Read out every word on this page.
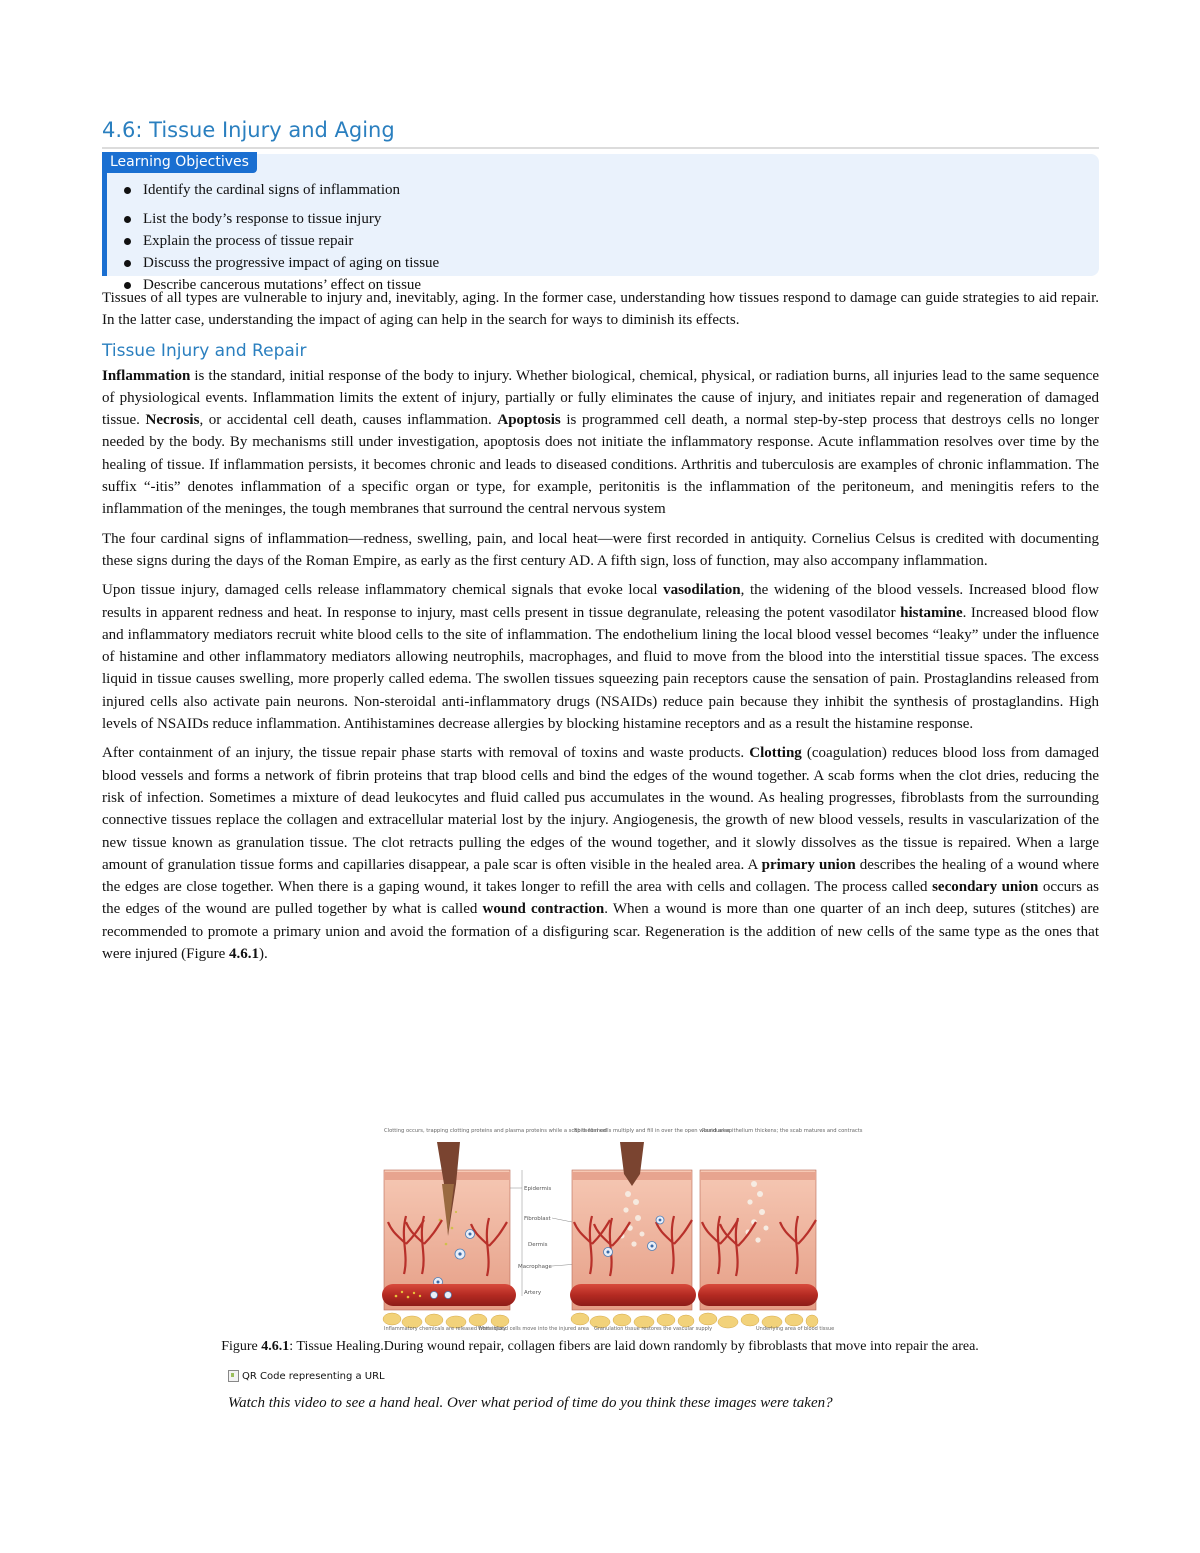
4.6: Tissue Injury and Aging
Learning Objectives
Identify the cardinal signs of inflammation
List the body’s response to tissue injury
Explain the process of tissue repair
Discuss the progressive impact of aging on tissue
Describe cancerous mutations’ effect on tissue

Tissues of all types are vulnerable to injury and, inevitably, aging. In the former case, understanding how tissues respond to damage can guide strategies to aid repair. In the latter case, understanding the impact of aging can help in the search for ways to diminish its effects.

Tissue Injury and Repair

Inflammation is the standard, initial response of the body to injury. Whether biological, chemical, physical, or radiation burns, all injuries lead to the same sequence of physiological events. Inflammation limits the extent of injury, partially or fully eliminates the cause of injury, and initiates repair and regeneration of damaged tissue. Necrosis, or accidental cell death, causes inflammation. Apoptosis is programmed cell death, a normal step-by-step process that destroys cells no longer needed by the body. By mechanisms still under investigation, apoptosis does not initiate the inflammatory response. Acute inflammation resolves over time by the healing of tissue. If inflammation persists, it becomes chronic and leads to diseased conditions. Arthritis and tuberculosis are examples of chronic inflammation. The suffix “-itis” denotes inflammation of a specific organ or type, for example, peritonitis is the inflammation of the peritoneum, and meningitis refers to the inflammation of the meninges, the tough membranes that surround the central nervous system

The four cardinal signs of inflammation—redness, swelling, pain, and local heat—were first recorded in antiquity. Cornelius Celsus is credited with documenting these signs during the days of the Roman Empire, as early as the first century AD. A fifth sign, loss of function, may also accompany inflammation.

Upon tissue injury, damaged cells release inflammatory chemical signals that evoke local vasodilation, the widening of the blood vessels. Increased blood flow results in apparent redness and heat. In response to injury, mast cells present in tissue degranulate, releasing the potent vasodilator histamine. Increased blood flow and inflammatory mediators recruit white blood cells to the site of inflammation. The endothelium lining the local blood vessel becomes “leaky” under the influence of histamine and other inflammatory mediators allowing neutrophils, macrophages, and fluid to move from the blood into the interstitial tissue spaces. The excess liquid in tissue causes swelling, more properly called edema. The swollen tissues squeezing pain receptors cause the sensation of pain. Prostaglandins released from injured cells also activate pain neurons. Non-steroidal anti-inflammatory drugs (NSAIDs) reduce pain because they inhibit the synthesis of prostaglandins. High levels of NSAIDs reduce inflammation. Antihistamines decrease allergies by blocking histamine receptors and as a result the histamine response.

After containment of an injury, the tissue repair phase starts with removal of toxins and waste products. Clotting (coagulation) reduces blood loss from damaged blood vessels and forms a network of fibrin proteins that trap blood cells and bind the edges of the wound together. A scab forms when the clot dries, reducing the risk of infection. Sometimes a mixture of dead leukocytes and fluid called pus accumulates in the wound. As healing progresses, fibroblasts from the surrounding connective tissues replace the collagen and extracellular material lost by the injury. Angiogenesis, the growth of new blood vessels, results in vascularization of the new tissue known as granulation tissue. The clot retracts pulling the edges of the wound together, and it slowly dissolves as the tissue is repaired. When a large amount of granulation tissue forms and capillaries disappear, a pale scar is often visible in the healed area. A primary union describes the healing of a wound where the edges are close together. When there is a gaping wound, it takes longer to refill the area with cells and collagen. The process called secondary union occurs as the edges of the wound are pulled together by what is called wound contraction. When a wound is more than one quarter of an inch deep, sutures (stitches) are recommended to promote a primary union and avoid the formation of a disfiguring scar. Regeneration is the addition of new cells of the same type as the ones that were injured (Figure 4.6.1).

Clotting occurs, trapping clotting proteins and plasma proteins while a scab is formed
Epithelial cells multiply and fill in over the open wound area
Residual epithelium thickens; the scab matures and contracts
Epidermis
Fibroblast
Dermis
Macrophage
Artery
Inflammatory chemicals are released from injury
White blood cells move into the injured area Granulation tissue restores the vascular supply	Underlying area of blood tissue
Figure 4.6.1: Tissue Healing.During wound repair, collagen fibers are laid down randomly by fibroblasts that move into repair the area.
QR Code representing a URL
Watch this video to see a hand heal. Over what period of time do you think these images were taken?
